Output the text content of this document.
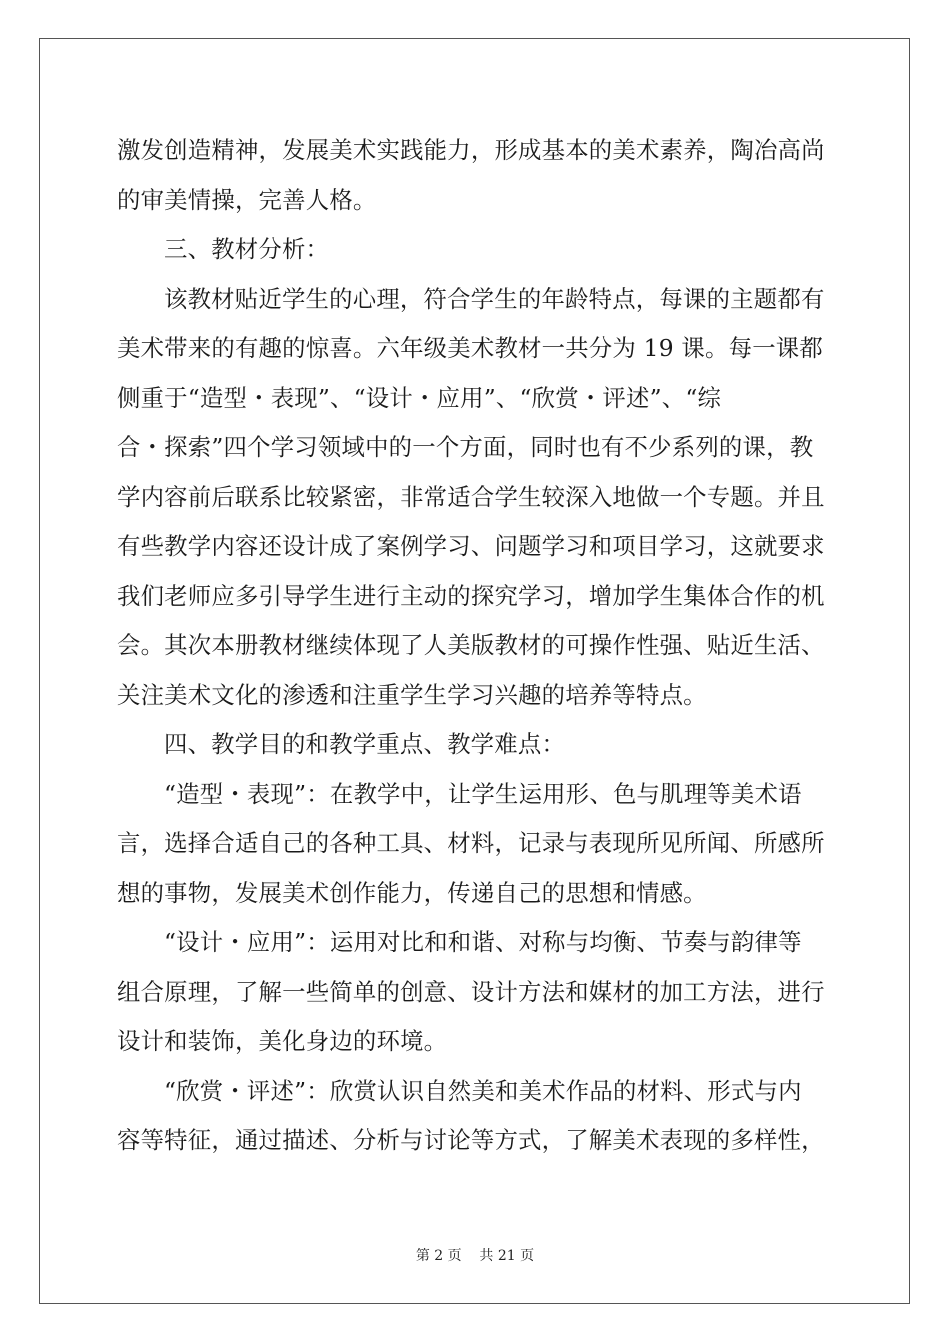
激发创造精神，发展美术实践能力，形成基本的美术素养，陶冶高尚
的审美情操，完善人格。
三、教材分析：
该教材贴近学生的心理，符合学生的年龄特点，每课的主题都有
美术带来的有趣的惊喜。六年级美术教材一共分为 19 课。每一课都
侧重于“造型・表现”、“设计・应用”、“欣赏・评述”、“综
合・探索”四个学习领域中的一个方面，同时也有不少系列的课，教
学内容前后联系比较紧密，非常适合学生较深入地做一个专题。并且
有些教学内容还设计成了案例学习、问题学习和项目学习，这就要求
我们老师应多引导学生进行主动的探究学习，增加学生集体合作的机
会。其次本册教材继续体现了人美版教材的可操作性强、贴近生活、
关注美术文化的渗透和注重学生学习兴趣的培养等特点。
四、教学目的和教学重点、教学难点：
“造型・表现”：在教学中，让学生运用形、色与肌理等美术语
言，选择合适自己的各种工具、材料，记录与表现所见所闻、所感所
想的事物，发展美术创作能力，传递自己的思想和情感。
“设计・应用”：运用对比和和谐、对称与均衡、节奏与韵律等
组合原理，了解一些简单的创意、设计方法和媒材的加工方法，进行
设计和装饰，美化身边的环境。
“欣赏・评述”：欣赏认识自然美和美术作品的材料、形式与内
容等特征，通过描述、分析与讨论等方式，了解美术表现的多样性，
第 2 页    共 21 页
